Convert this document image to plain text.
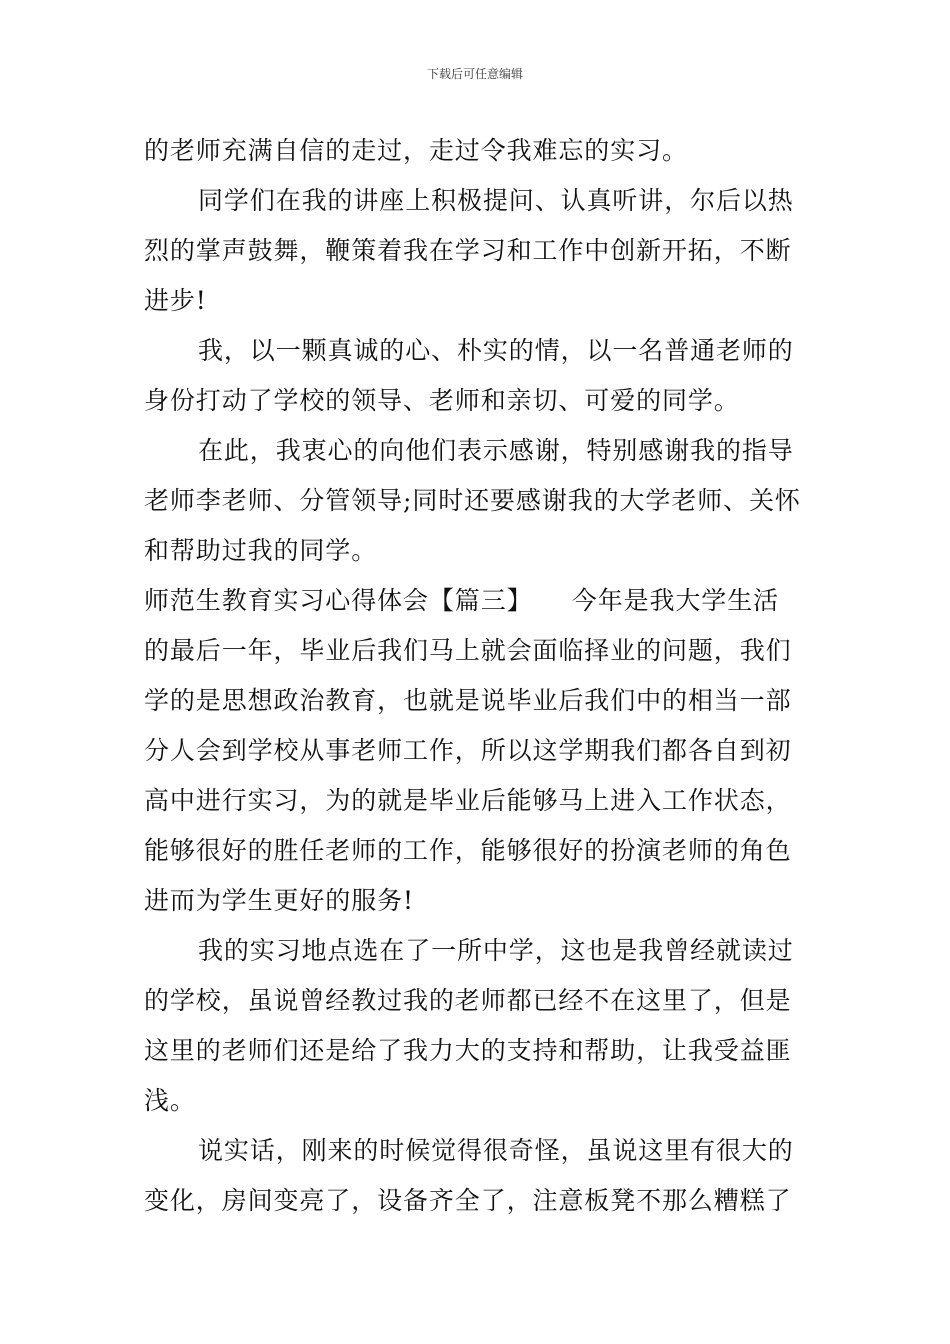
下载后可任意编辑
的老师充满自信的走过，走过令我难忘的实习。
同学们在我的讲座上积极提问、认真听讲，尔后以热
烈的掌声鼓舞，鞭策着我在学习和工作中创新开拓，不断
进步!
我，以一颗真诚的心、朴实的情，以一名普通老师的
身份打动了学校的领导、老师和亲切、可爱的同学。
在此，我衷心的向他们表示感谢，特别感谢我的指导
老师李老师、分管领导;同时还要感谢我的大学老师、关怀
和帮助过我的同学。
师范生教育实习心得体会【篇三】　　今年是我大学生活
的最后一年，毕业后我们马上就会面临择业的问题，我们
学的是思想政治教育，也就是说毕业后我们中的相当一部
分人会到学校从事老师工作，所以这学期我们都各自到初
高中进行实习，为的就是毕业后能够马上进入工作状态，
能够很好的胜任老师的工作，能够很好的扮演老师的角色
进而为学生更好的服务!
我的实习地点选在了一所中学，这也是我曾经就读过
的学校，虽说曾经教过我的老师都已经不在这里了，但是
这里的老师们还是给了我力大的支持和帮助，让我受益匪
浅。
说实话，刚来的时候觉得很奇怪，虽说这里有很大的
变化，房间变亮了，设备齐全了，注意板凳不那么糟糕了
